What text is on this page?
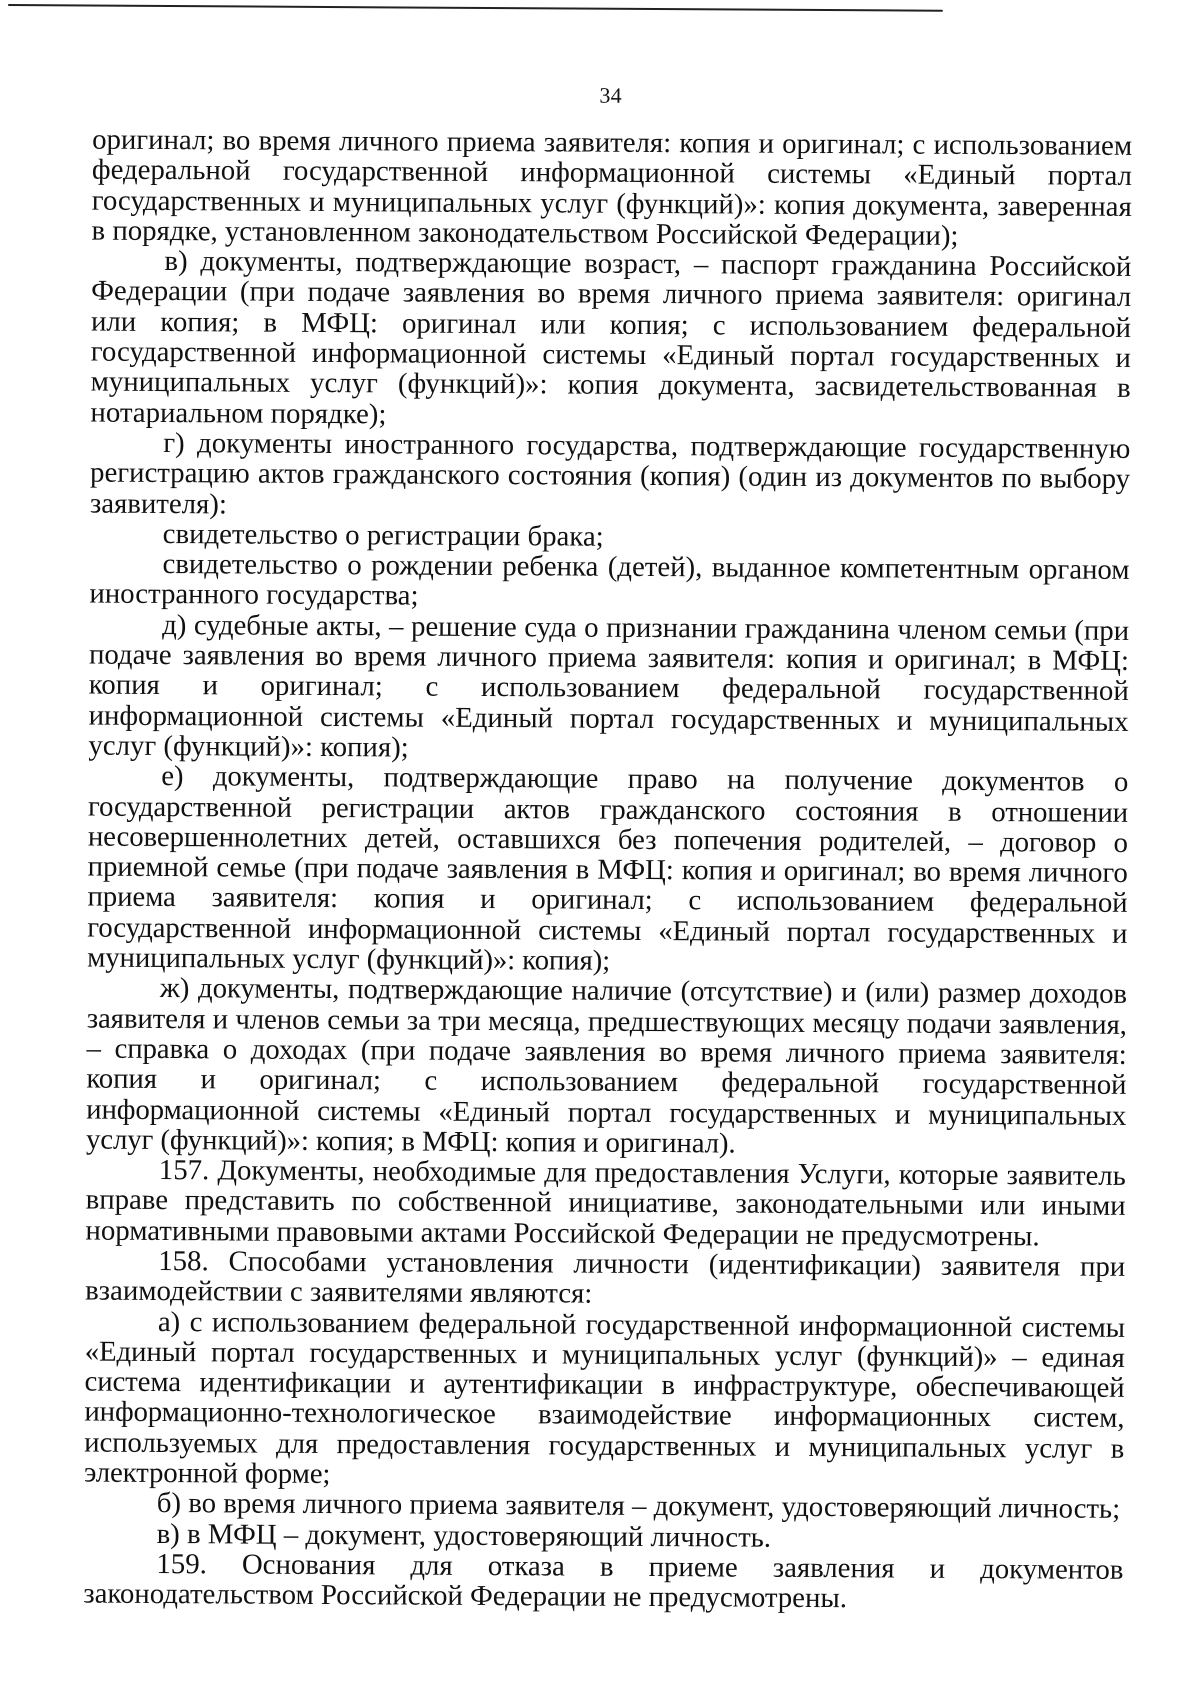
34

оригинал; во время личного приема заявителя: копия и оригинал; с использованием федеральной государственной информационной системы «Единый портал государственных и муниципальных услуг (функций)»: копия документа, заверенная в порядке, установленном законодательством Российской Федерации);

в) документы, подтверждающие возраст, – паспорт гражданина Российской Федерации (при подаче заявления во время личного приема заявителя: оригинал или копия; в МФЦ: оригинал или копия; с использованием федеральной государственной информационной системы «Единый портал государственных и муниципальных услуг (функций)»: копия документа, засвидетельствованная в нотариальном порядке);

г) документы иностранного государства, подтверждающие государственную регистрацию актов гражданского состояния (копия) (один из документов по выбору заявителя):

свидетельство о регистрации брака;

свидетельство о рождении ребенка (детей), выданное компетентным органом иностранного государства;

д) судебные акты, – решение суда о признании гражданина членом семьи (при подаче заявления во время личного приема заявителя: копия и оригинал; в МФЦ: копия и оригинал; с использованием федеральной государственной информационной системы «Единый портал государственных и муниципальных услуг (функций)»: копия);

е) документы, подтверждающие право на получение документов о государственной регистрации актов гражданского состояния в отношении несовершеннолетних детей, оставшихся без попечения родителей, – договор о приемной семье (при подаче заявления в МФЦ: копия и оригинал; во время личного приема заявителя: копия и оригинал; с использованием федеральной государственной информационной системы «Единый портал государственных и муниципальных услуг (функций)»: копия);

ж) документы, подтверждающие наличие (отсутствие) и (или) размер доходов заявителя и членов семьи за три месяца, предшествующих месяцу подачи заявления, – справка о доходах (при подаче заявления во время личного приема заявителя: копия и оригинал; с использованием федеральной государственной информационной системы «Единый портал государственных и муниципальных услуг (функций)»: копия; в МФЦ: копия и оригинал).

157. Документы, необходимые для предоставления Услуги, которые заявитель вправе представить по собственной инициативе, законодательными или иными нормативными правовыми актами Российской Федерации не предусмотрены.

158. Способами установления личности (идентификации) заявителя при взаимодействии с заявителями являются:

а) с использованием федеральной государственной информационной системы «Единый портал государственных и муниципальных услуг (функций)» – единая система идентификации и аутентификации в инфраструктуре, обеспечивающей информационно-технологическое взаимодействие информационных систем, используемых для предоставления государственных и муниципальных услуг в электронной форме;

б) во время личного приема заявителя – документ, удостоверяющий личность;

в) в МФЦ – документ, удостоверяющий личность.

159. Основания для отказа в приеме заявления и документов законодательством Российской Федерации не предусмотрены.
